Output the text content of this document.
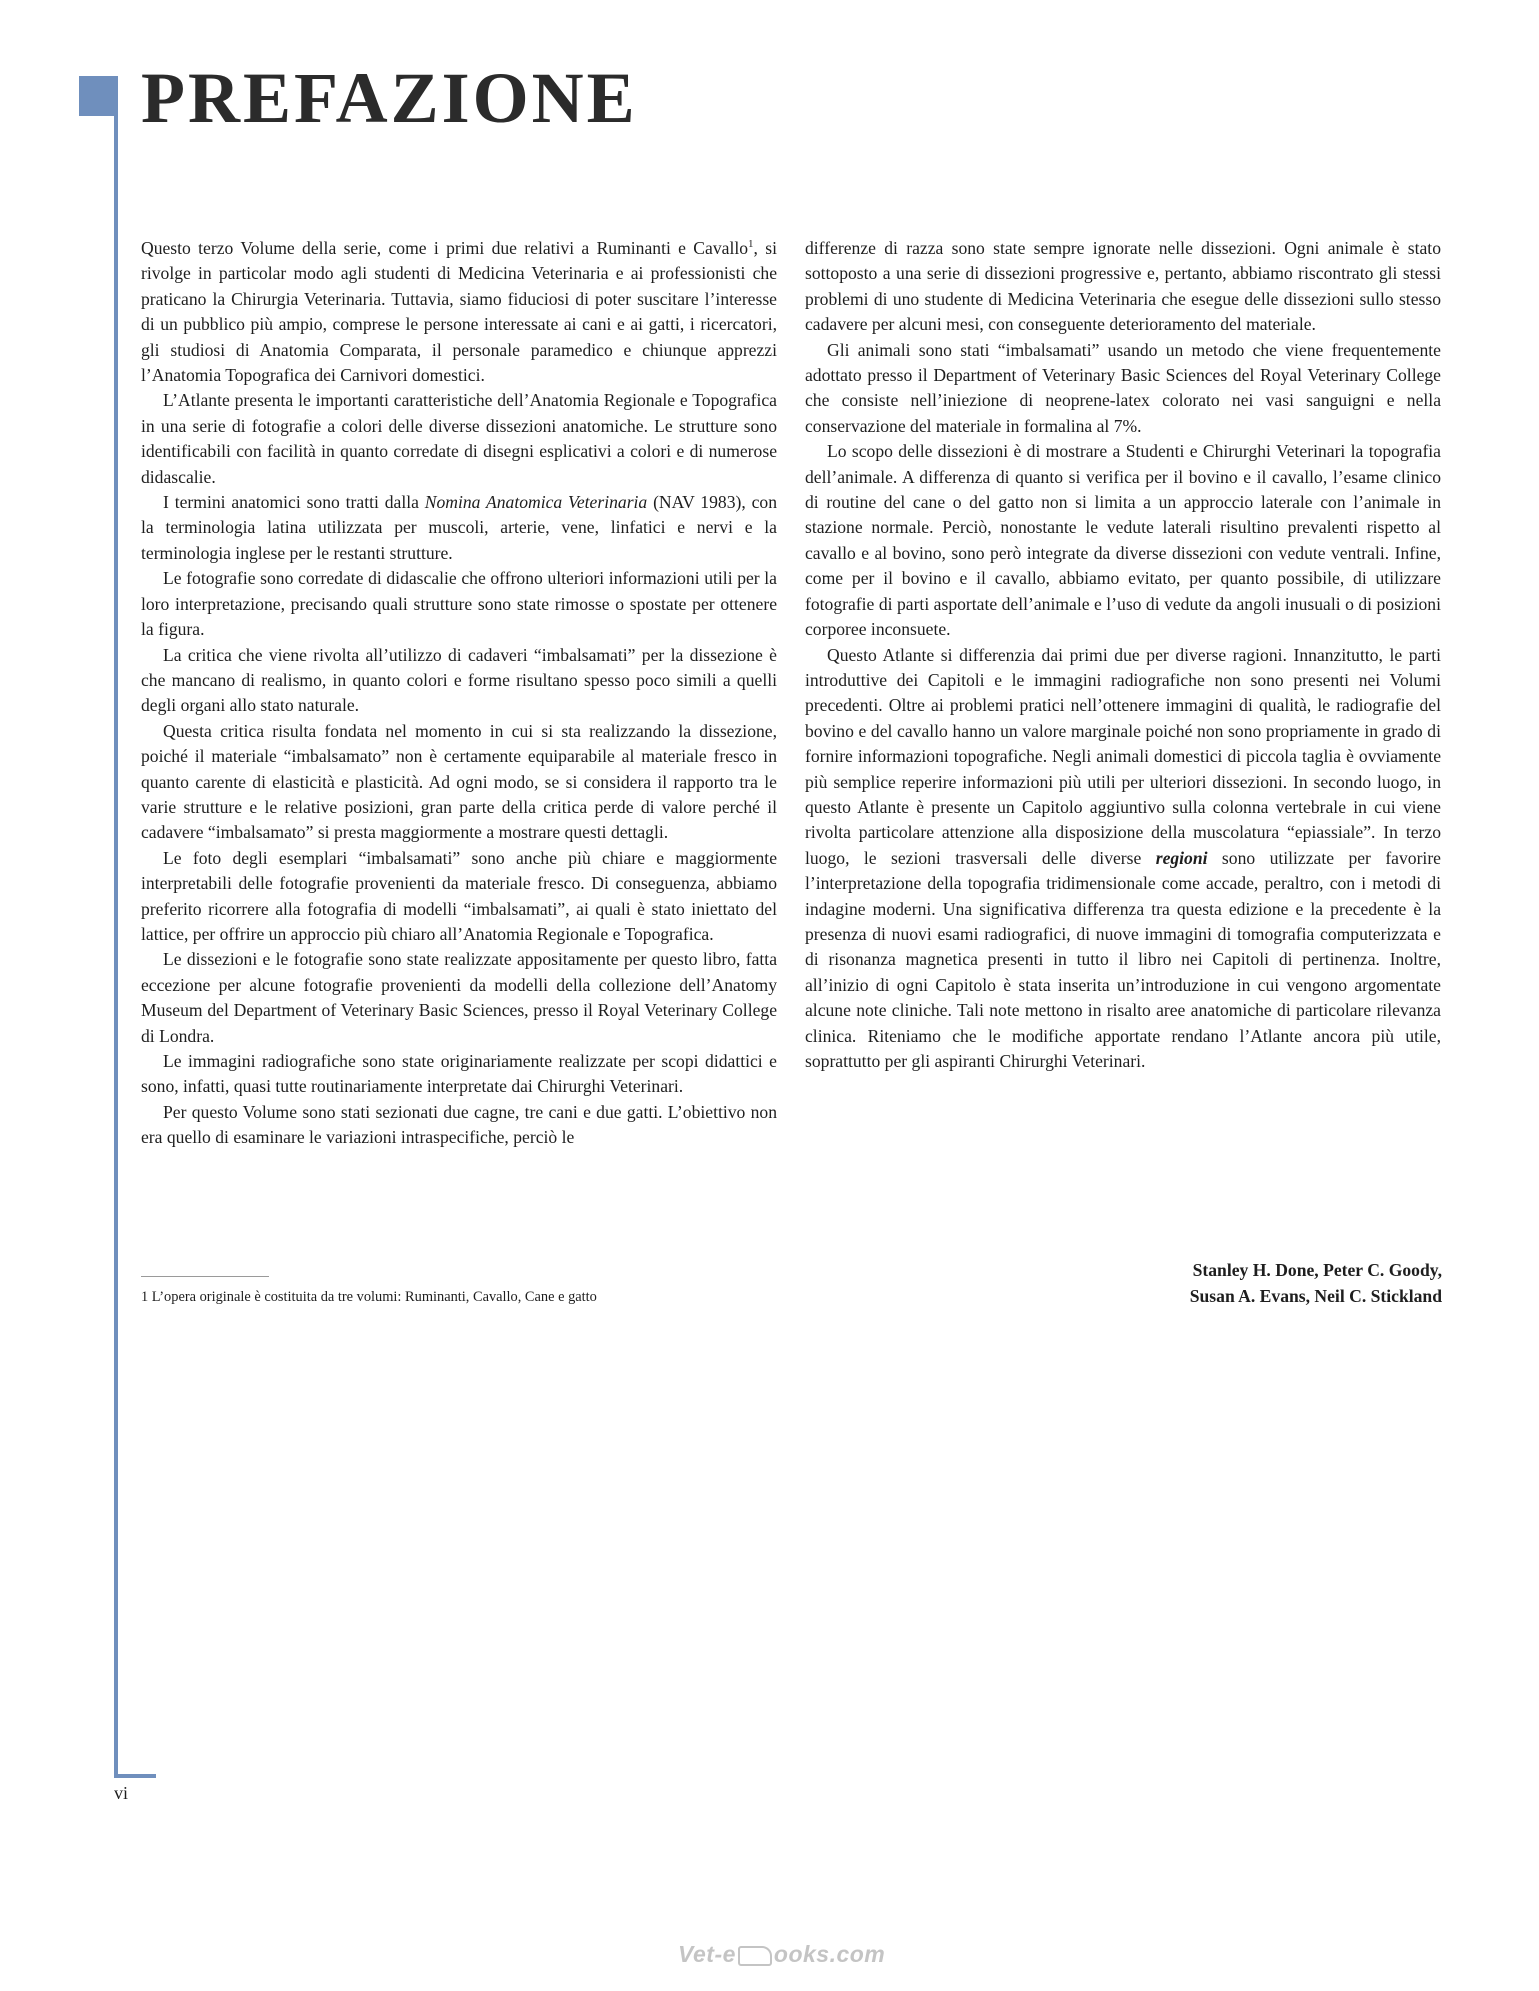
PREFAZIONE

Questo terzo Volume della serie, come i primi due relativi a Ruminanti e Cavallo$^1$, si rivolge in particolar modo agli studenti di Medicina Veterinaria e ai professionisti che praticano la Chirurgia Veterinaria. Tuttavia, siamo fiduciosi di poter suscitare l’interesse di un pubblico più ampio, comprese le persone interessate ai cani e ai gatti, i ricercatori, gli studiosi di Anatomia Comparata, il personale paramedico e chiunque apprezzi l’Anatomia Topografica dei Carnivori domestici.

L’Atlante presenta le importanti caratteristiche dell’Anatomia Regionale e Topografica in una serie di fotografie a colori delle diverse dissezioni anatomiche. Le strutture sono identificabili con facilità in quanto corredate di disegni esplicativi a colori e di numerose didascalie.

I termini anatomici sono tratti dalla Nomina Anatomica Veterinaria (NAV 1983), con la terminologia latina utilizzata per muscoli, arterie, vene, linfatici e nervi e la terminologia inglese per le restanti strutture.

Le fotografie sono corredate di didascalie che offrono ulteriori informazioni utili per la loro interpretazione, precisando quali strutture sono state rimosse o spostate per ottenere la figura.

La critica che viene rivolta all’utilizzo di cadaveri “imbalsamati” per la dissezione è che mancano di realismo, in quanto colori e forme risultano spesso poco simili a quelli degli organi allo stato naturale.

Questa critica risulta fondata nel momento in cui si sta realizzando la dissezione, poiché il materiale “imbalsamato” non è certamente equiparabile al materiale fresco in quanto carente di elasticità e plasticità. Ad ogni modo, se si considera il rapporto tra le varie strutture e le relative posizioni, gran parte della critica perde di valore perché il cadavere “imbalsamato” si presta maggiormente a mostrare questi dettagli.

Le foto degli esemplari “imbalsamati” sono anche più chiare e maggiormente interpretabili delle fotografie provenienti da materiale fresco. Di conseguenza, abbiamo preferito ricorrere alla fotografia di modelli “imbalsamati”, ai quali è stato iniettato del lattice, per offrire un approccio più chiaro all’Anatomia Regionale e Topografica.

Le dissezioni e le fotografie sono state realizzate appositamente per questo libro, fatta eccezione per alcune fotografie provenienti da modelli della collezione dell’Anatomy Museum del Department of Veterinary Basic Sciences, presso il Royal Veterinary College di Londra.

Le immagini radiografiche sono state originariamente realizzate per scopi didattici e sono, infatti, quasi tutte routinariamente interpretate dai Chirurghi Veterinari.

Per questo Volume sono stati sezionati due cagne, tre cani e due gatti. L’obiettivo non era quello di esaminare le variazioni intraspecifiche, perciò le

differenze di razza sono state sempre ignorate nelle dissezioni. Ogni animale è stato sottoposto a una serie di dissezioni progressive e, pertanto, abbiamo riscontrato gli stessi problemi di uno studente di Medicina Veterinaria che esegue delle dissezioni sullo stesso cadavere per alcuni mesi, con conseguente deterioramento del materiale.

Gli animali sono stati “imbalsamati” usando un metodo che viene frequentemente adottato presso il Department of Veterinary Basic Sciences del Royal Veterinary College che consiste nell’iniezione di neoprene-latex colorato nei vasi sanguigni e nella conservazione del materiale in formalina al 7%.

Lo scopo delle dissezioni è di mostrare a Studenti e Chirurghi Veterinari la topografia dell’animale. A differenza di quanto si verifica per il bovino e il cavallo, l’esame clinico di routine del cane o del gatto non si limita a un approccio laterale con l’animale in stazione normale. Perciò, nonostante le vedute laterali risultino prevalenti rispetto al cavallo e al bovino, sono però integrate da diverse dissezioni con vedute ventrali. Infine, come per il bovino e il cavallo, abbiamo evitato, per quanto possibile, di utilizzare fotografie di parti asportate dell’animale e l’uso di vedute da angoli inusuali o di posizioni corporee inconsuete.

Questo Atlante si differenzia dai primi due per diverse ragioni. Innanzitutto, le parti introduttive dei Capitoli e le immagini radiografiche non sono presenti nei Volumi precedenti. Oltre ai problemi pratici nell’ottenere immagini di qualità, le radiografie del bovino e del cavallo hanno un valore marginale poiché non sono propriamente in grado di fornire informazioni topografiche. Negli animali domestici di piccola taglia è ovviamente più semplice reperire informazioni più utili per ulteriori dissezioni. In secondo luogo, in questo Atlante è presente un Capitolo aggiuntivo sulla colonna vertebrale in cui viene rivolta particolare attenzione alla disposizione della muscolatura “epiassiale”. In terzo luogo, le sezioni trasversali delle diverse regioni sono utilizzate per favorire l’interpretazione della topografia tridimensionale come accade, peraltro, con i metodi di indagine moderni. Una significativa differenza tra questa edizione e la precedente è la presenza di nuovi esami radiografici, di nuove immagini di tomografia computerizzata e di risonanza magnetica presenti in tutto il libro nei Capitoli di pertinenza. Inoltre, all’inizio di ogni Capitolo è stata inserita un’introduzione in cui vengono argomentate alcune note cliniche. Tali note mettono in risalto aree anatomiche di particolare rilevanza clinica. Riteniamo che le modifiche apportate rendano l’Atlante ancora più utile, soprattutto per gli aspiranti Chirurghi Veterinari.

1 L’opera originale è costituita da tre volumi: Ruminanti, Cavallo, Cane e gatto
Stanley H. Done, Peter C. Goody,
Susan A. Evans, Neil C. Stickland
vi
Vet-e ooks.com
